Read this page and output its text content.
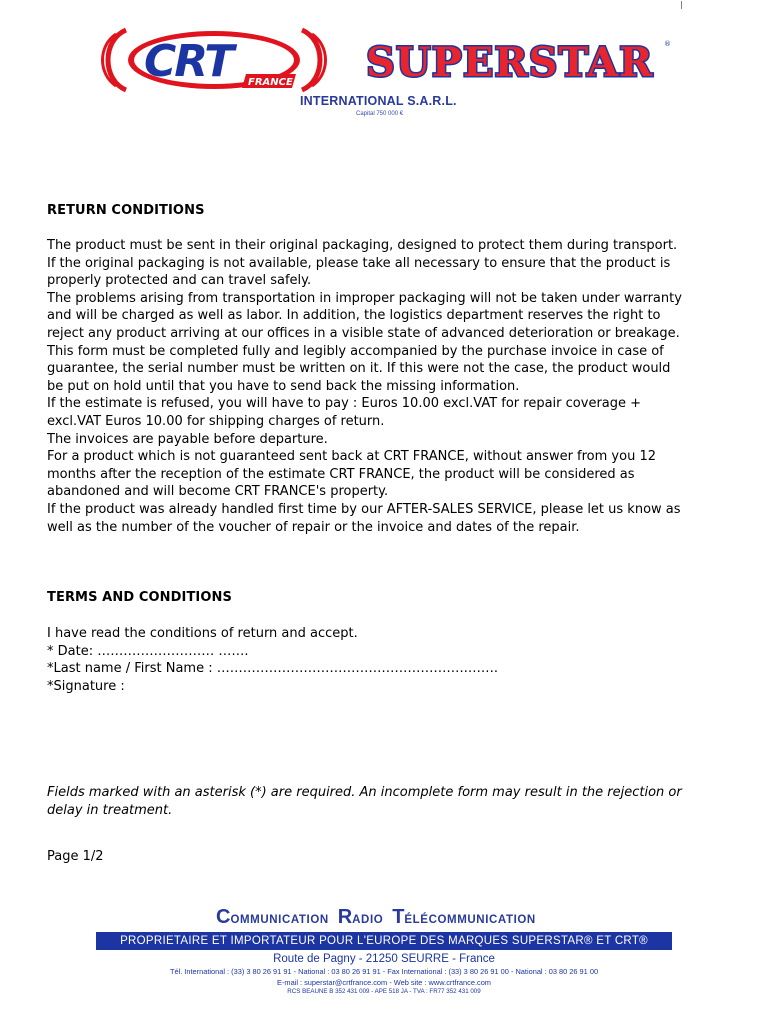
|
CRT	FRANCE SUPERSTAR ®
INTERNATIONAL S.A.R.L.
Capital 750 000 €
RETURN CONDITIONS
The product must be sent in their original packaging, designed to protect them during transport.
If the original packaging is not available, please take all necessary to ensure that the product is
properly protected and can travel safely.
The problems arising from transportation in improper packaging will not be taken under warranty
and will be charged as well as labor. In addition, the logistics department reserves the right to
reject any product arriving at our offices in a visible state of advanced deterioration or breakage.
This form must be completed fully and legibly accompanied by the purchase invoice in case of
guarantee, the serial number must be written on it. If this were not the case, the product would
be put on hold until that you have to send back the missing information.
If the estimate is refused, you will have to pay : Euros 10.00 excl.VAT for repair coverage +
excl.VAT Euros 10.00 for shipping charges of return.
The invoices are payable before departure.
For a product which is not guaranteed sent back at CRT FRANCE, without answer from you 12
months after the reception of the estimate CRT FRANCE, the product will be considered as
abandoned and will become CRT FRANCE's property.
If the product was already handled first time by our AFTER-SALES SERVICE, please let us know as
well as the number of the voucher of repair or the invoice and dates of the repair.
TERMS AND CONDITIONS
I have read the conditions of return and accept.
* Date: ……………………… …….
*Last name / First Name : ………………………………………………….…….
*Signature :
Fields marked with an asterisk (*) are required. An incomplete form may result in the rejection or
delay in treatment.
Page 1/2
COMMUNICATION RADIO TÉLÉCOMMUNICATION
PROPRIETAIRE ET IMPORTATEUR POUR L'EUROPE DES MARQUES SUPERSTAR® ET CRT®
Route de Pagny - 21250 SEURRE - France
Tél. International : (33) 3 80 26 91 91 - National : 03 80 26 91 91 - Fax International : (33) 3 80 26 91 00 - National : 03 80 26 91 00
E-mail : superstar@crtfrance.com - Web site : www.crtfrance.com
RCS BEAUNE B 352 431 009 - APE 518 JA - TVA : FR77 352 431 009
